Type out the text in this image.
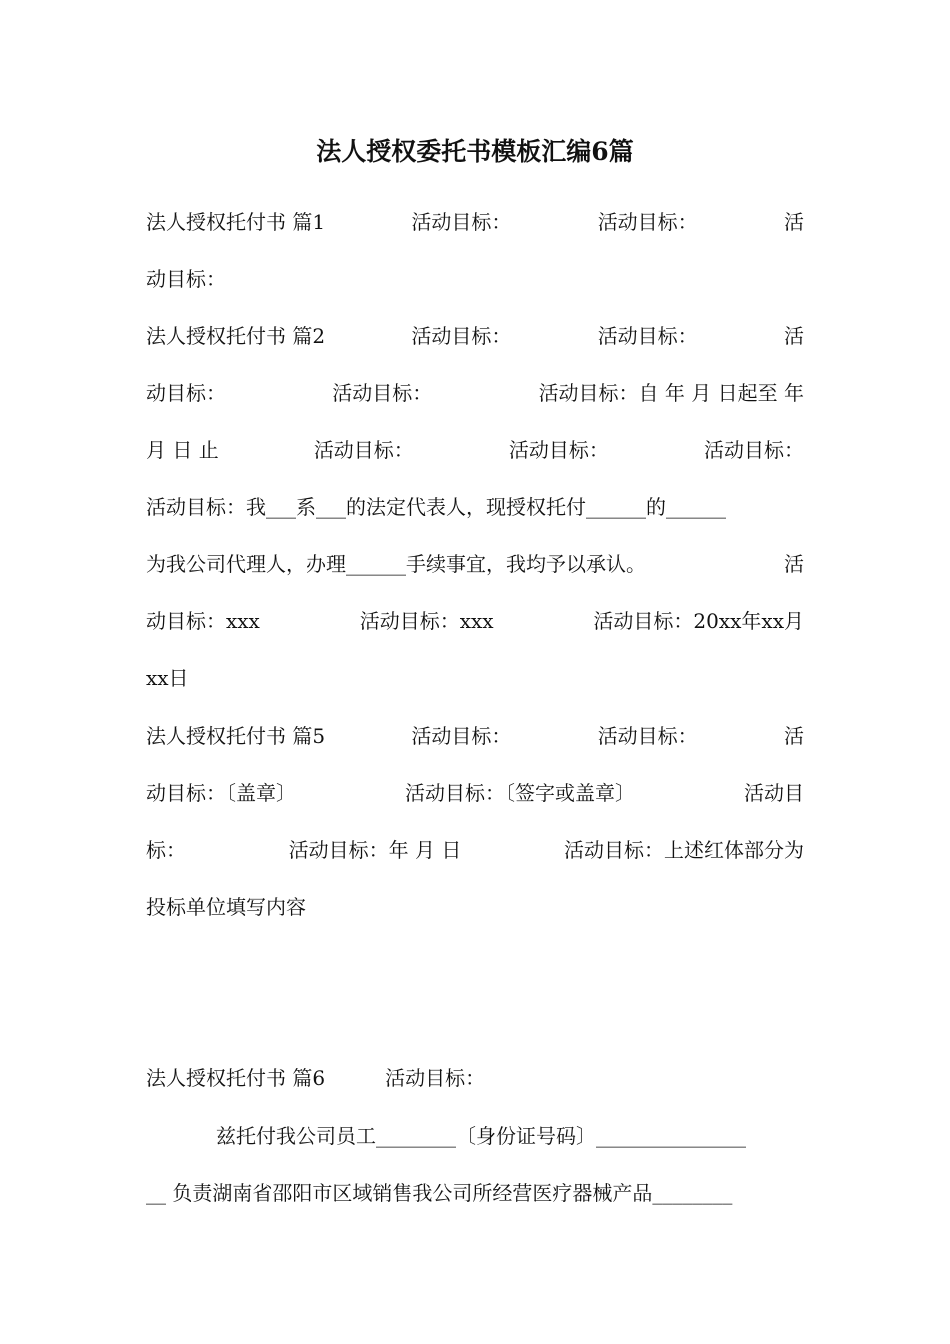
法人授权委托书模板汇编6篇
法人授权托付书 篇1	活动目标：	活动目标：	活
动目标：
法人授权托付书 篇2	活动目标：	活动目标：	活
动目标：	活动目标：	活动目标：自 年 月 日起至 年
月 日 止	活动目标：	活动目标：	活动目标：
活动目标：我___系___的法定代表人，现授权托付______的______
为我公司代理人，办理______手续事宜，我均予以承认。	活
动目标：xxx	活动目标：xxx	活动目标：20xx年xx月
xx日
法人授权托付书 篇5	活动目标：	活动目标：	活
动目标：〔盖章〕	活动目标：〔签字或盖章〕	活动目
标：	活动目标：年 月 日	活动目标：上述红体部分为
投标单位填写内容
法人授权托付书 篇6	活动目标：
兹托付我公司员工________〔身份证号码〕_______________
__ 负责湖南省邵阳市区域销售我公司所经营医疗器械产品________
